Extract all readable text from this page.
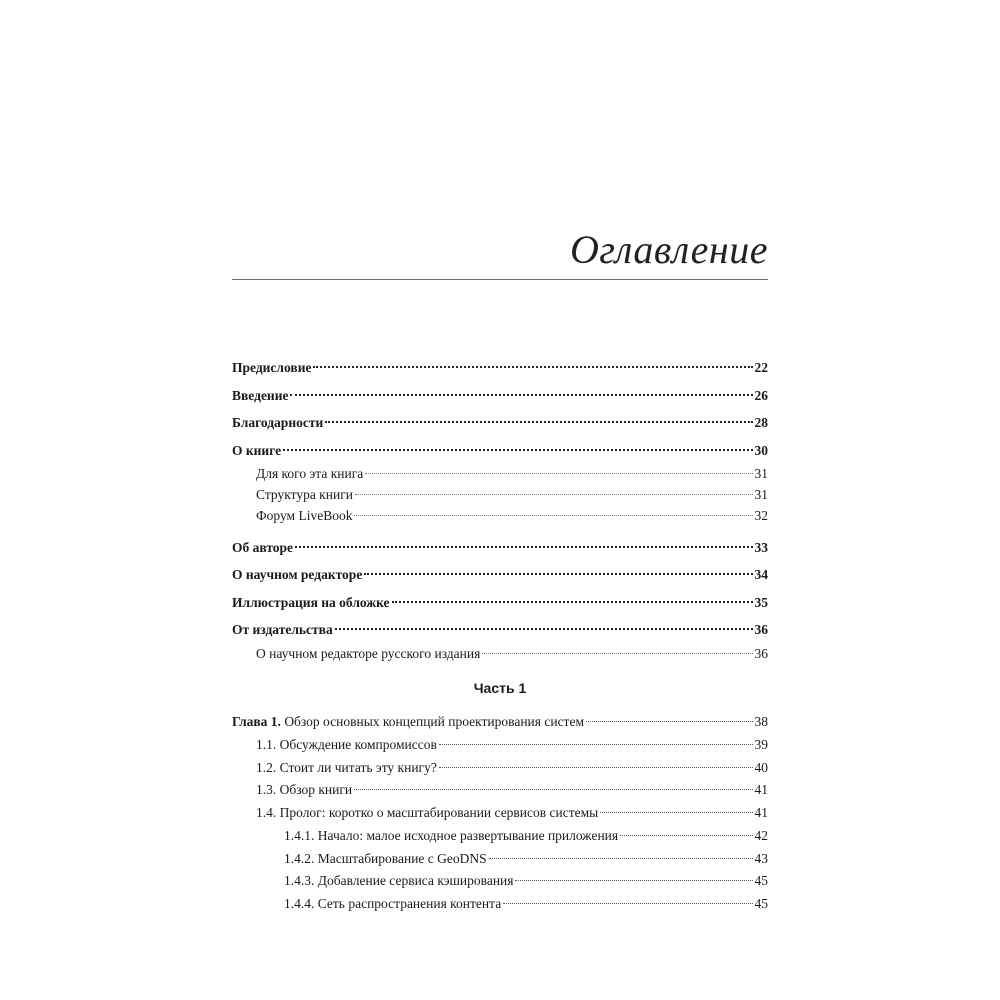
Оглавление
Предисловие	22
Введение	26
Благодарности	28
О книге	30
Для кого эта книга	31
Структура книги	31
Форум LiveBook	32
Об авторе	33
О научном редакторе	34
Иллюстрация на обложке	35
От издательства	36
О научном редакторе русского издания	36
Часть 1
Глава 1. Обзор основных концепций проектирования систем	38
1.1. Обсуждение компромиссов	39
1.2. Стоит ли читать эту книгу?	40
1.3. Обзор книги	41
1.4. Пролог: коротко о масштабировании сервисов системы	41
1.4.1. Начало: малое исходное развертывание приложения	42
1.4.2. Масштабирование с GeoDNS	43
1.4.3. Добавление сервиса кэширования	45
1.4.4. Сеть распространения контента	45
